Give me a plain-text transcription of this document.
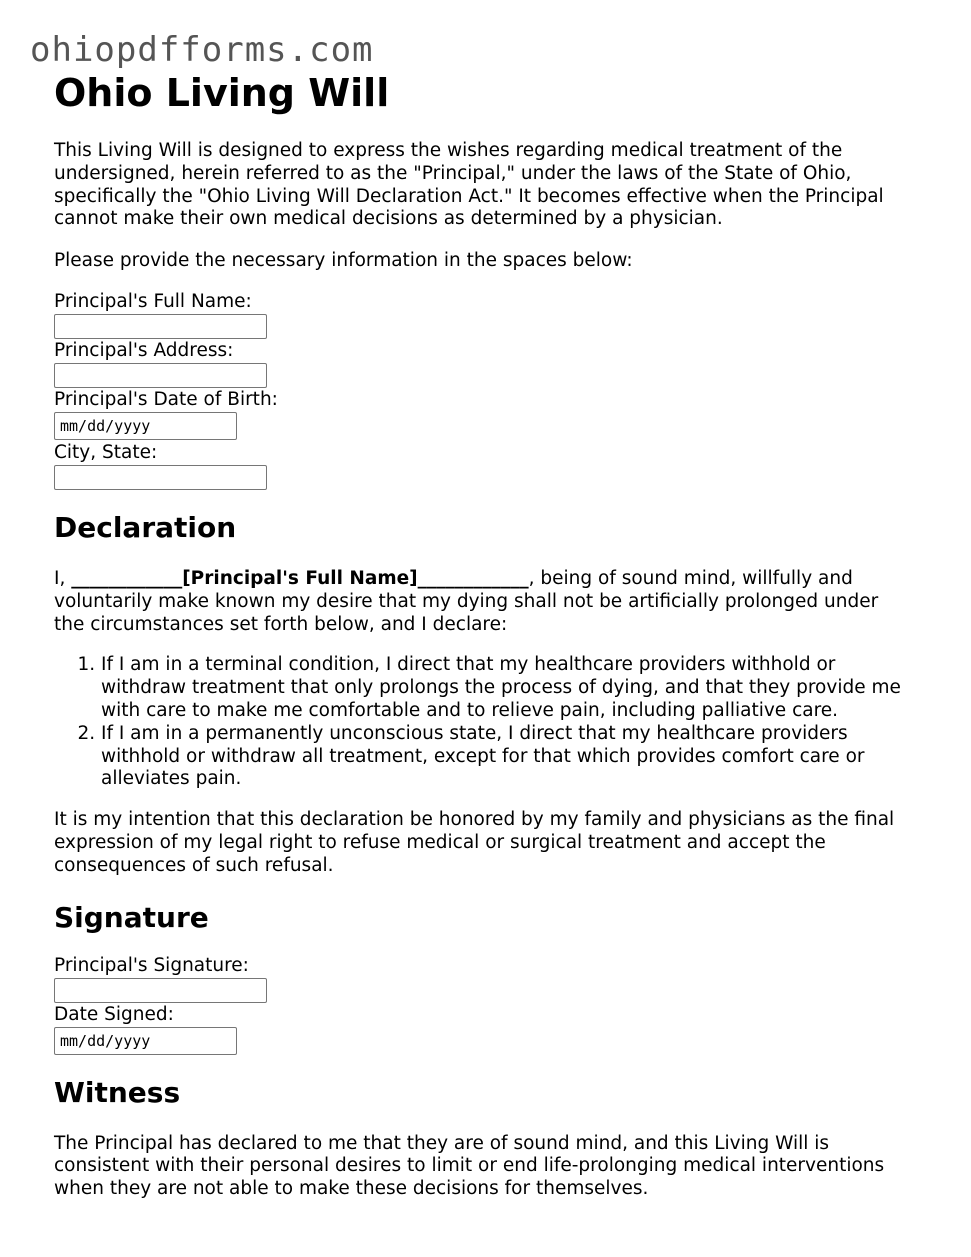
ohiopdfforms.com
Ohio Living Will

This Living Will is designed to express the wishes regarding medical treatment of the undersigned, herein referred to as the "Principal," under the laws of the State of Ohio, specifically the "Ohio Living Will Declaration Act." It becomes effective when the Principal cannot make their own medical decisions as determined by a physician.

Please provide the necessary information in the spaces below:

Principal's Full Name:
Principal's Address:
Principal's Date of Birth:
mm/dd/yyyy
City, State:
Declaration

I, ____________[Principal's Full Name]____________, being of sound mind, willfully and voluntarily make known my desire that my dying shall not be artificially prolonged under the circumstances set forth below, and I declare:

1. If I am in a terminal condition, I direct that my healthcare providers withhold or withdraw treatment that only prolongs the process of dying, and that they provide me with care to make me comfortable and to relieve pain, including palliative care.
2. If I am in a permanently unconscious state, I direct that my healthcare providers withhold or withdraw all treatment, except for that which provides comfort care or alleviates pain.

It is my intention that this declaration be honored by my family and physicians as the final expression of my legal right to refuse medical or surgical treatment and accept the consequences of such refusal.

Signature
Principal's Signature:
Date Signed:
mm/dd/yyyy
Witness

The Principal has declared to me that they are of sound mind, and this Living Will is consistent with their personal desires to limit or end life-prolonging medical interventions when they are not able to make these decisions for themselves.
